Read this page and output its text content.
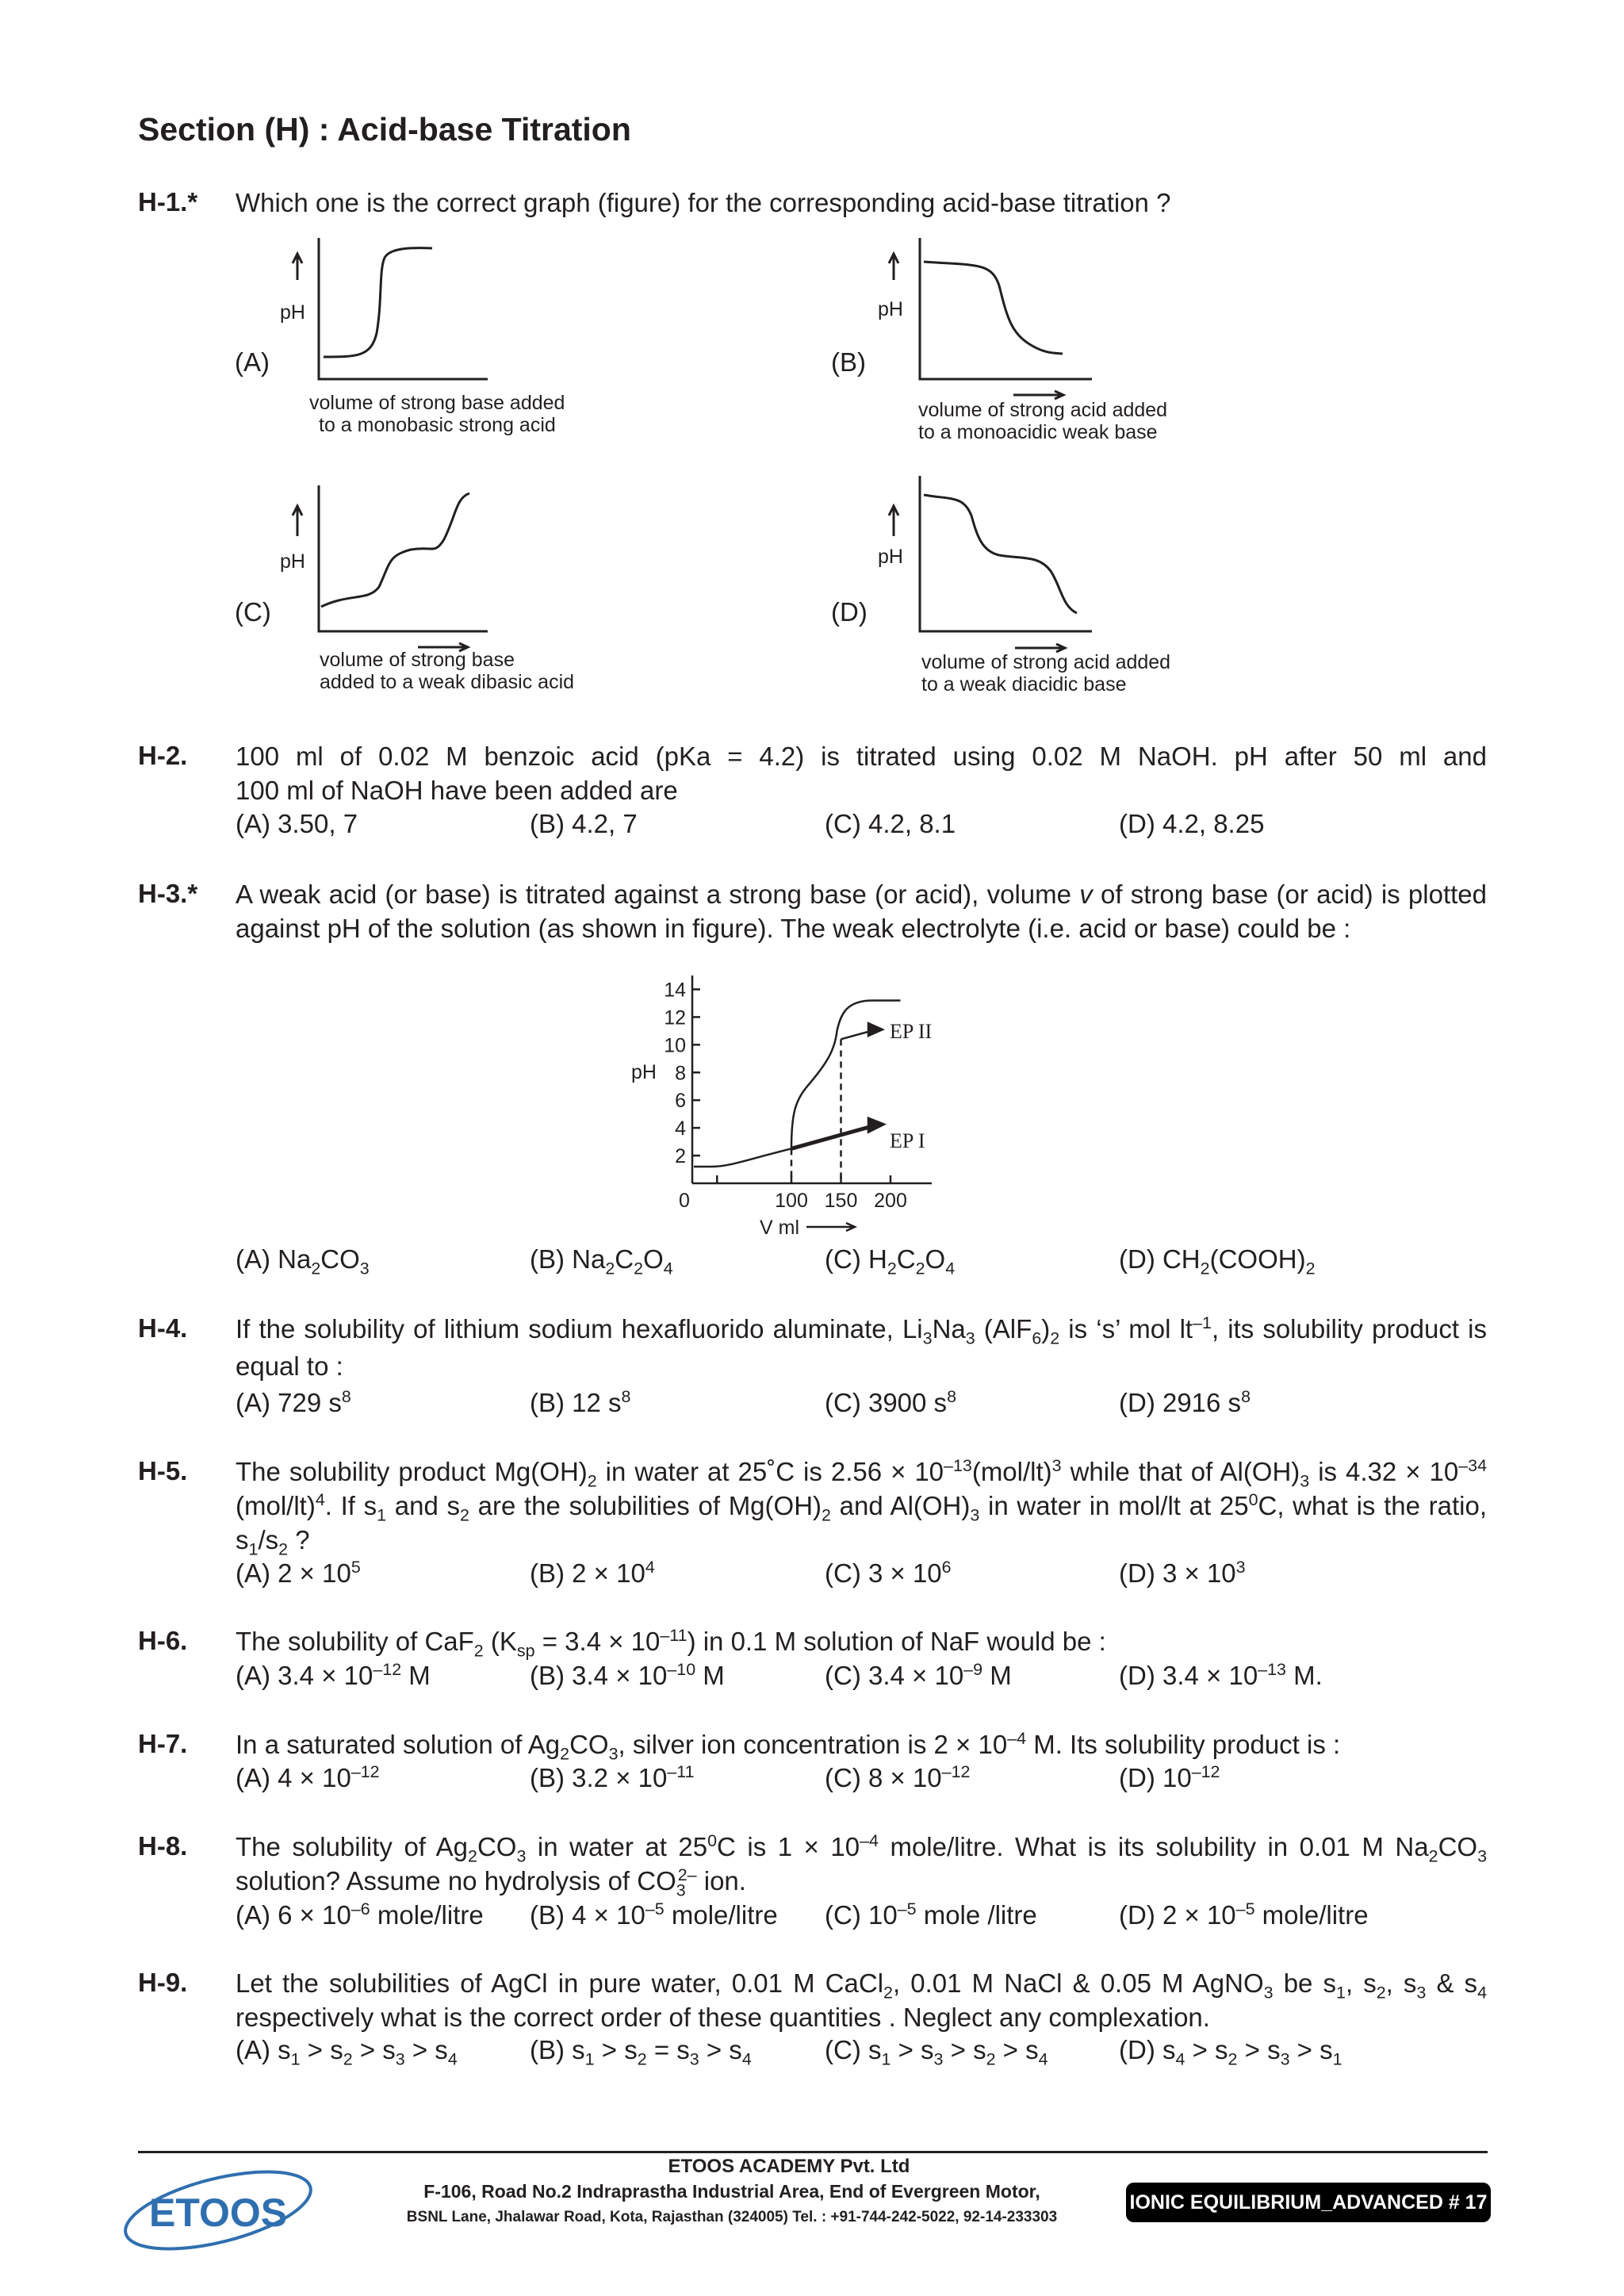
Section (H) : Acid-base Titration
H-1.* Which one is the correct graph (figure) for the corresponding acid-base titration ?
pH
(A)
volume of strong base added
to a monobasic strong acid
pH
(B)
volume of strong acid added
to a monoacidic weak base
pH
(C)
volume of strong base
added to a weak dibasic acid
pH
(D)
volume of strong acid added
to a weak diacidic base
H-2. 100 ml of 0.02 M benzoic acid (pKa = 4.2) is titrated using 0.02 M NaOH. pH after 50 ml and
100 ml of NaOH have been added are
(A) 3.50, 7	(B) 4.2, 7	(C) 4.2, 8.1	(D) 4.2, 8.25
H-3.* A weak acid (or base) is titrated against a strong base (or acid), volume v of strong base (or acid) is plotted
against pH of the solution (as shown in figure). The weak electrolyte (i.e. acid or base) could be :
14
12
10
8
6
4
2
0	100 150 200
pH
V ml
EP II
EP I
(A) $Na_2CO_3$	(B) $Na_2C_2O_4$	(C) $H_2C_2O_4$	(D) $CH_2(COOH)_2$
H-4. If the solubility of lithium sodium hexafluorido aluminate, $Li_3Na_3$ $(AlF_6)_2$ is ‘s’ mol $lt^{-1}$, its solubility product is
equal to :
(A) 729 $s^8$	(B) 12 $s^8$	(C) 3900 $s^8$	(D) 2916 $s^8$
H-5. The solubility product $Mg(OH)_2$ in water at 25˚C is $2.56 \times 10^{-13}(mol/lt)^3$ while that of $Al(OH)_3$ is $4.32 \times 10^{-34}$
$(mol/lt)^4$. If $s_1$ and $s_2$ are the solubilities of $Mg(OH)_2$ and $Al(OH)_3$ in water in mol/lt at $25^0C$, what is the ratio,
$s_1/s_2$ ?
(A) $2 \times 10^5$	(B) $2 \times 10^4$	(C) $3 \times 10^6$	(D) $3 \times 10^3$
H-6. The solubility of CaF$_2$ $(K_{sp} = 3.4 \times 10^{-11})$ in 0.1 M solution of NaF would be :
(A) $3.4 \times 10^{-12}$ M	(B) $3.4 \times 10^{-10}$ M	(C) $3.4 \times 10^{-9}$ M	(D) $3.4 \times 10^{-13}$ M.
H-7. In a saturated solution of $Ag_2CO_3$, silver ion concentration is $2 \times 10^{-4}$ M. Its solubility product is :
(A) $4 \times 10^{-12}$	(B) $3.2 \times 10^{-11}$	(C) $8 \times 10^{-12}$	(D) $10^{-12}$
H-8. The solubility of $Ag_2CO_3$ in water at $25^0C$ is $1 \times 10^{-4}$ mole/litre. What is its solubility in 0.01 M $Na_2CO_3$
solution? Assume no hydrolysis of $CO_3^{2-}$ ion.
(A) $6 \times 10^{-6}$ mole/litre (B) $4 \times 10^{-5}$ mole/litre (C) $10^{-5}$ mole /litre	(D) $2 \times 10^{-5}$ mole/litre
H-9. Let the solubilities of AgCl in pure water, 0.01 M CaCl$_2$, 0.01 M NaCl & 0.05 M AgNO$_3$ be $s_1$, $s_2$, $s_3$ & $s_4$
respectively what is the correct order of these quantities . Neglect any complexation.
(A) $s_1 > s_2 > s_3 > s_4$	(B) $s_1 > s_2 = s_3 > s_4$	(C) $s_1 > s_3 > s_2 > s_4$	(D) $s_4 > s_2 > s_3 > s_1$
ETOOS
ETOOS ACADEMY Pvt. Ltd
F-106, Road No.2 Indraprastha Industrial Area, End of Evergreen Motor,
BSNL Lane, Jhalawar Road, Kota, Rajasthan (324005) Tel. : +91-744-242-5022, 92-14-233303
IONIC EQUILIBRIUM_ADVANCED # 17
